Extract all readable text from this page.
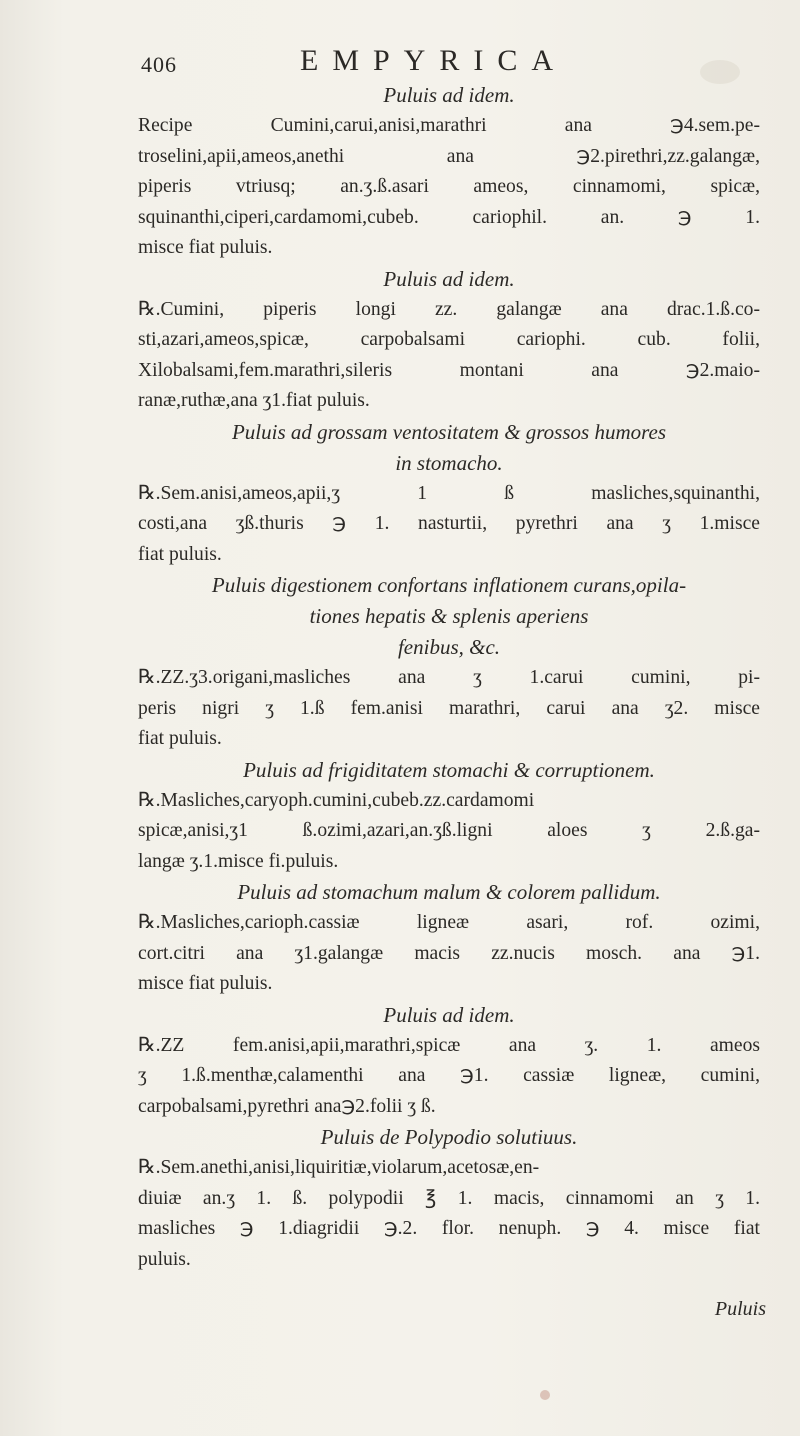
406	EMPYRICA

Puluis ad idem.

Recipe Cumini,carui,anisi,marathri ana ℈4.sem.pe-
troselini,apii,ameos,anethi ana ℈2.pirethri,zz.galangæ,
piperis vtriusq; an.ʒ.ß.asari ameos, cinnamomi, spicæ,
squinanthi,ciperi,cardamomi,cubeb. cariophil. an. ℈ 1.
misce fiat puluis.

Puluis ad idem.

℞.Cumini, piperis longi zz. galangæ ana drac.1.ß.co-
sti,azari,ameos,spicæ, carpobalsami cariophi. cub. folii,
Xilobalsami,fem.marathri,sileris montani ana ℈2.maio-
ranæ,ruthæ,ana ʒ1.fiat puluis.

Puluis ad grossam ventositatem & grossos humores
in stomacho.

℞.Sem.anisi,ameos,apii,ʒ 1 ß masliches,squinanthi,
costi,ana ʒß.thuris ℈ 1. nasturtii, pyrethri ana ʒ 1.misce
fiat puluis.

Puluis digestionem confortans inflationem curans,opila-
tiones hepatis & splenis aperiens
fenibus, &c.

℞.ZZ.ʒ3.origani,masliches ana ʒ 1.carui cumini, pi-
peris nigri ʒ 1.ß fem.anisi marathri, carui ana ʒ2. misce
fiat puluis.

Puluis ad frigiditatem stomachi & corruptionem.

℞.Masliches,caryoph.cumini,cubeb.zz.cardamomi
spicæ,anisi,ʒ1 ß.ozimi,azari,an.ʒß.ligni aloes ʒ 2.ß.ga-
langæ ʒ.1.misce fi.puluis.

Puluis ad stomachum malum & colorem pallidum.

℞.Masliches,carioph.cassiæ ligneæ asari, rof. ozimi,
cort.citri ana ʒ1.galangæ macis zz.nucis mosch. ana ℈1.
misce fiat puluis.

Puluis ad idem.

℞.ZZ fem.anisi,apii,marathri,spicæ ana ʒ. 1. ameos
ʒ 1.ß.menthæ,calamenthi ana ℈1. cassiæ ligneæ, cumini,
carpobalsami,pyrethri ana℈2.folii ʒ ß.

Puluis de Polypodio solutiuus.

℞.Sem.anethi,anisi,liquiritiæ,violarum,acetosæ,en-
diuiæ an.ʒ 1. ß. polypodii ℥ 1. macis, cinnamomi an ʒ 1.
masliches ℈ 1.diagridii ℈.2. flor. nenuph. ℈ 4. misce fiat
puluis.
Puluis
